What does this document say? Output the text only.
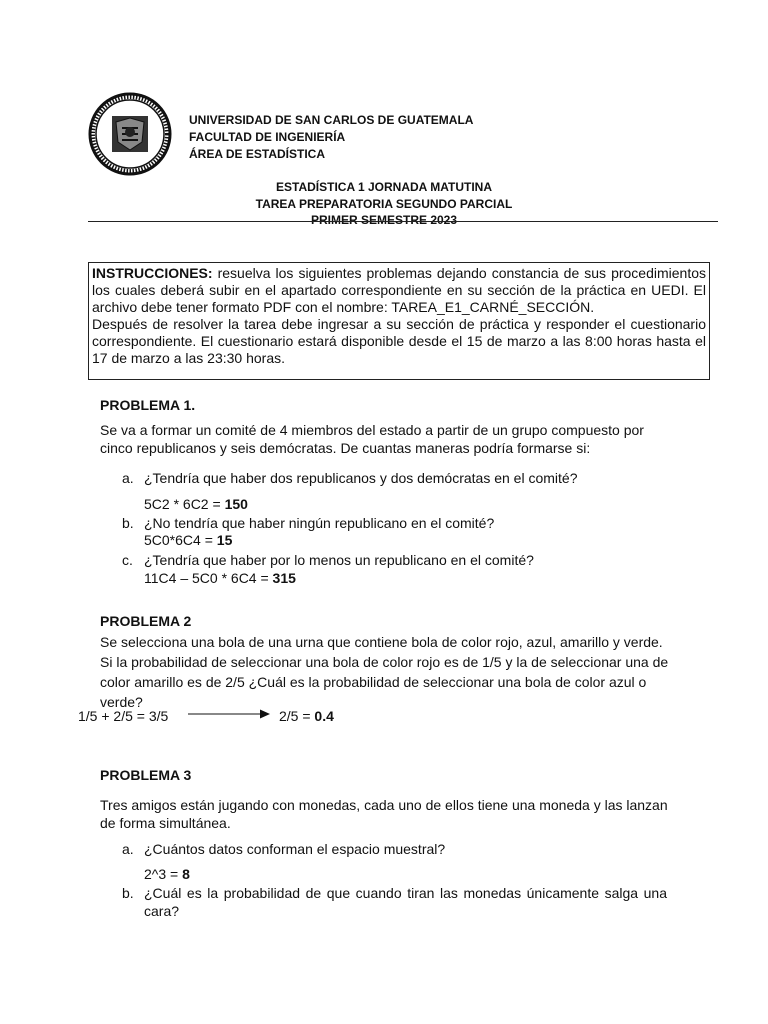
UNIVERSIDAD DE SAN CARLOS DE GUATEMALA
FACULTAD DE INGENIERÍA
ÁREA DE ESTADÍSTICA
ESTADÍSTICA 1 JORNADA MATUTINA
TAREA PREPARATORIA SEGUNDO PARCIAL
PRIMER SEMESTRE 2023
INSTRUCCIONES: resuelva los siguientes problemas dejando constancia de sus procedimientos los cuales deberá subir en el apartado correspondiente en su sección de la práctica en UEDI. El archivo debe tener formato PDF con el nombre: TAREA_E1_CARNÉ_SECCIÓN.
Después de resolver la tarea debe ingresar a su sección de práctica y responder el cuestionario correspondiente. El cuestionario estará disponible desde el 15 de marzo a las 8:00 horas hasta el 17 de marzo a las 23:30 horas.
PROBLEMA 1.
Se va a formar un comité de 4 miembros del estado a partir de un grupo compuesto por cinco republicanos y seis demócratas. De cuantas maneras podría formarse si:
a. ¿Tendría que haber dos republicanos y dos demócratas en el comité?
5C2 * 6C2 = 150
b. ¿No tendría que haber ningún republicano en el comité?
5C0*6C4 = 15
c. ¿Tendría que haber por lo menos un republicano en el comité?
11C4 – 5C0 * 6C4 = 315
PROBLEMA 2
Se selecciona una bola de una urna que contiene bola de color rojo, azul, amarillo y verde. Si la probabilidad de seleccionar una bola de color rojo es de 1/5 y la de seleccionar una de color amarillo es de 2/5 ¿Cuál es la probabilidad de seleccionar una bola de color azul o verde?
1/5 + 2/5 = 3/5	2/5 = 0.4
PROBLEMA 3
Tres amigos están jugando con monedas, cada uno de ellos tiene una moneda y las lanzan de forma simultánea.
a. ¿Cuántos datos conforman el espacio muestral?
2^3 = 8
b. ¿Cuál es la probabilidad de que cuando tiran las monedas únicamente salga una cara?
